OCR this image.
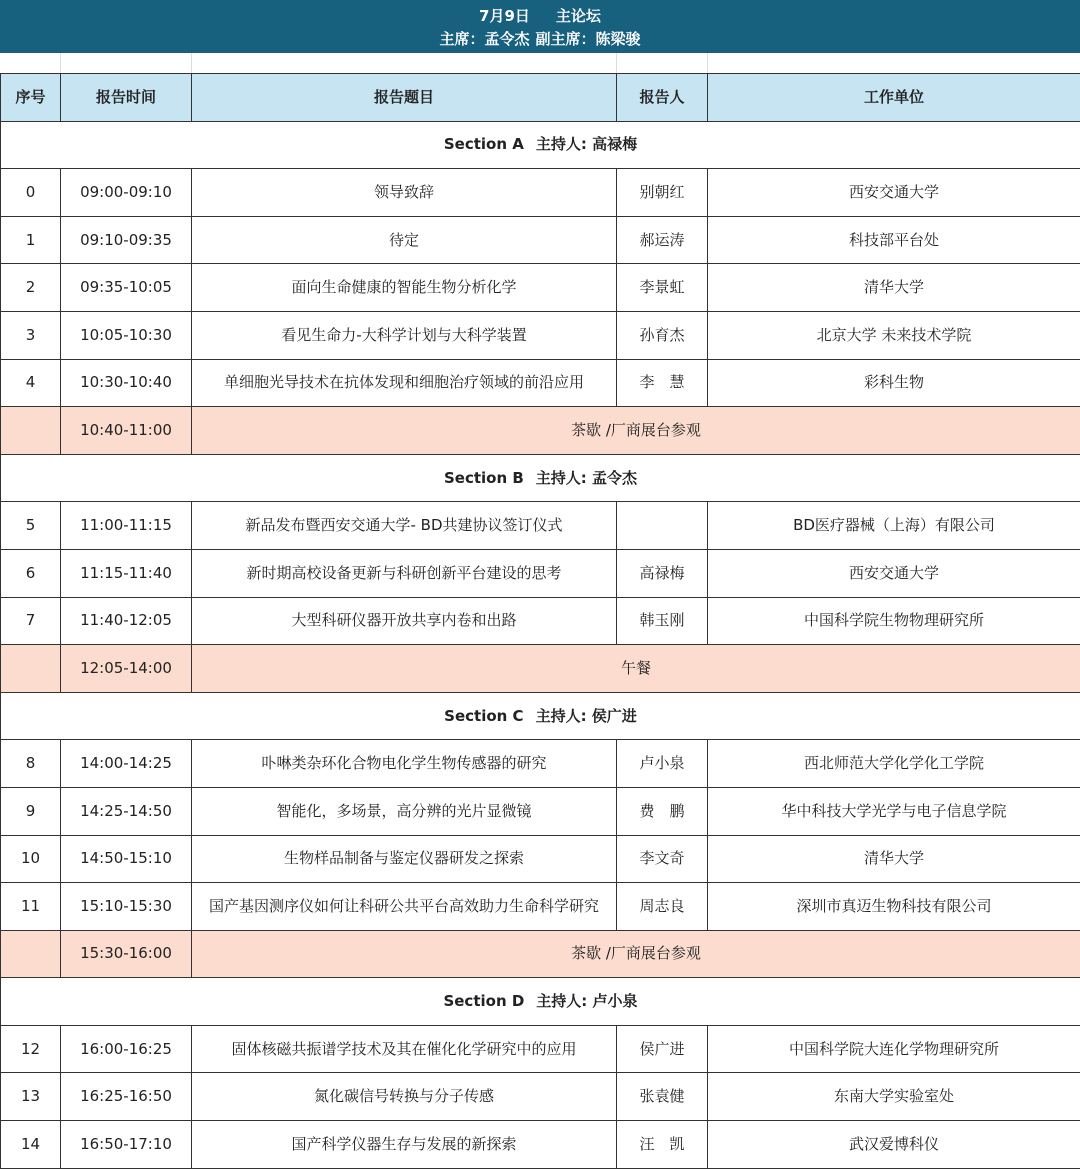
7月9日 主论坛
主席：孟令杰 副主席：陈梁骏
序号	报告时间	报告题目	报告人	工作单位
Section A 主持人: 高禄梅				
0	09:00-09:10	领导致辞	别朝红	西安交通大学
1	09:10-09:35	待定	郝运涛	科技部平台处
2	09:35-10:05	面向生命健康的智能生物分析化学	李景虹	清华大学
3	10:05-10:30	看见生命力-大科学计划与大科学装置	孙育杰	北京大学 未来技术学院
4	10:30-10:40	单细胞光导技术在抗体发现和细胞治疗领域的前沿应用	李　慧	彩科生物
	10:40-11:00	茶歇 /厂商展台参观		
Section B 主持人: 孟令杰				
5	11:00-11:15	新品发布暨西安交通大学- BD共建协议签订仪式		BD医疗器械（上海）有限公司
6	11:15-11:40	新时期高校设备更新与科研创新平台建设的思考	高禄梅	西安交通大学
7	11:40-12:05	大型科研仪器开放共享内卷和出路	韩玉刚	中国科学院生物物理研究所
	12:05-14:00	午餐		
Section C 主持人: 侯广进				
8	14:00-14:25	卟啉类杂环化合物电化学生物传感器的研究	卢小泉	西北师范大学化学化工学院
9	14:25-14:50	智能化，多场景，高分辨的光片显微镜	费　鹏	华中科技大学光学与电子信息学院
10	14:50-15:10	生物样品制备与鉴定仪器研发之探索	李文奇	清华大学
11	15:10-15:30	国产基因测序仪如何让科研公共平台高效助力生命科学研究	周志良	深圳市真迈生物科技有限公司
	15:30-16:00	茶歇 /厂商展台参观		
Section D 主持人: 卢小泉				
12	16:00-16:25	固体核磁共振谱学技术及其在催化化学研究中的应用	侯广进	中国科学院大连化学物理研究所
13	16:25-16:50	氮化碳信号转换与分子传感	张袁健	东南大学实验室处
14	16:50-17:10	国产科学仪器生存与发展的新探索	汪　凯	武汉爱博科仪
